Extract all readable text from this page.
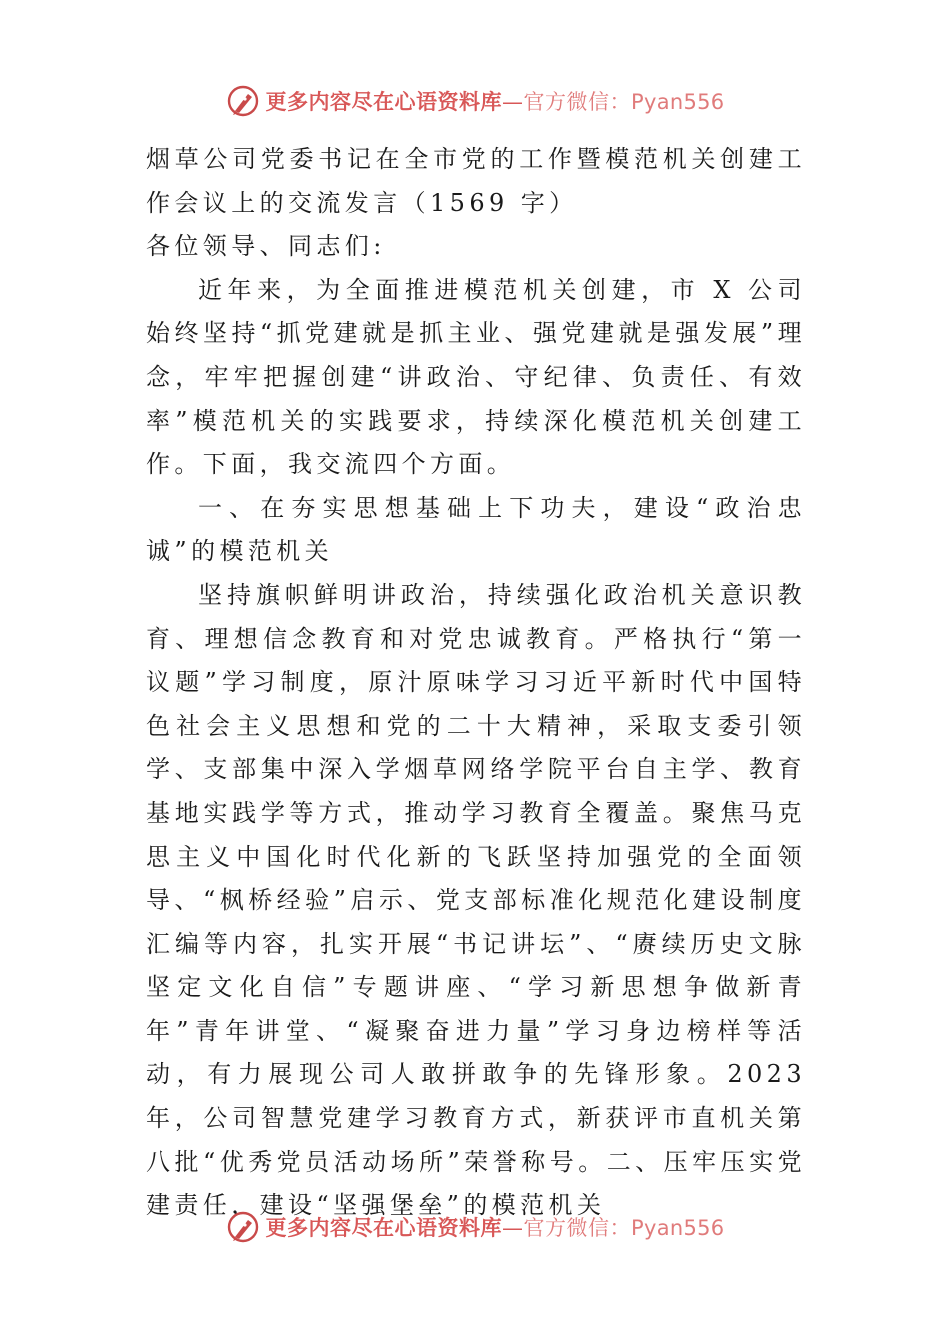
更多内容尽在心语资料库—官方微信：Pyan556

烟草公司党委书记在全市党的工作暨模范机关创建工作会议上的交流发言（1569 字）

各位领导、同志们:

近年来，为全面推进模范机关创建，市 X 公司始终坚持“抓党建就是抓主业、强党建就是强发展”理念，牢牢把握创建“讲政治、守纪律、负责任、有效率”模范机关的实践要求，持续深化模范机关创建工作。下面，我交流四个方面。

一、在夯实思想基础上下功夫，建设“政治忠诚”的模范机关

坚持旗帜鲜明讲政治，持续强化政治机关意识教育、理想信念教育和对党忠诚教育。严格执行“第一议题”学习制度，原汁原味学习习近平新时代中国特色社会主义思想和党的二十大精神，采取支委引领学、支部集中深入学烟草网络学院平台自主学、教育基地实践学等方式，推动学习教育全覆盖。聚焦马克思主义中国化时代化新的飞跃坚持加强党的全面领导、“枫桥经验”启示、党支部标准化规范化建设制度汇编等内容，扎实开展“书记讲坛”、“赓续历史文脉坚定文化自信”专题讲座、“学习新思想争做新青年”青年讲堂、“凝聚奋进力量”学习身边榜样等活动，有力展现公司人敢拼敢争的先锋形象。2023 年，公司智慧党建学习教育方式，新获评市直机关第八批“优秀党员活动场所”荣誉称号。二、压牢压实党建责任，建设“坚强堡垒”的模范机关

更多内容尽在心语资料库—官方微信：Pyan556
